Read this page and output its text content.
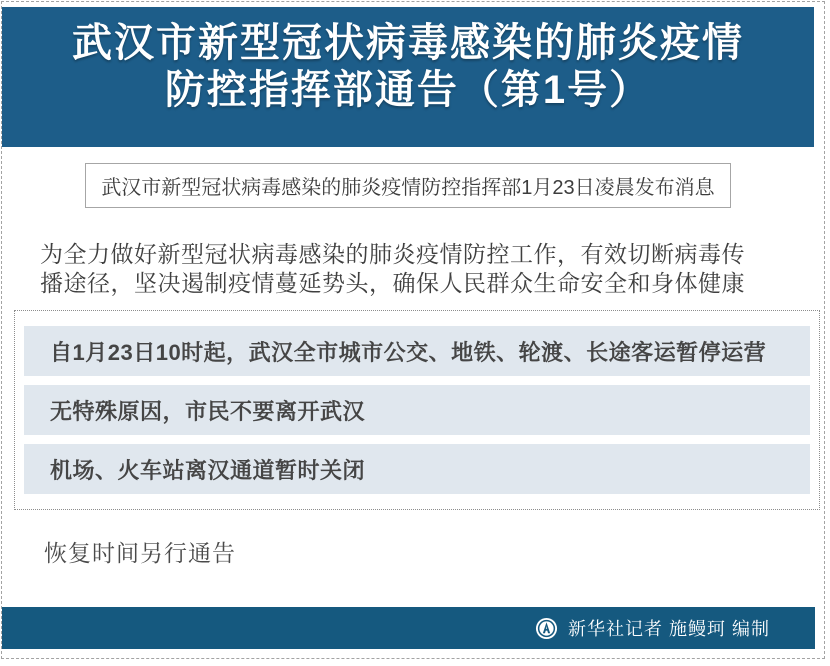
武汉市新型冠状病毒感染的肺炎疫情
防控指挥部通告（第1号）
武汉市新型冠状病毒感染的肺炎疫情防控指挥部1月23日凌晨发布消息
为全力做好新型冠状病毒感染的肺炎疫情防控工作，有效切断病毒传播途径，坚决遏制疫情蔓延势头，确保人民群众生命安全和身体健康
自1月23日10时起，武汉全市城市公交、地铁、轮渡、长途客运暂停运营
无特殊原因，市民不要离开武汉
机场、火车站离汉通道暂时关闭
恢复时间另行通告
新华社记者 施鳗珂 编制
